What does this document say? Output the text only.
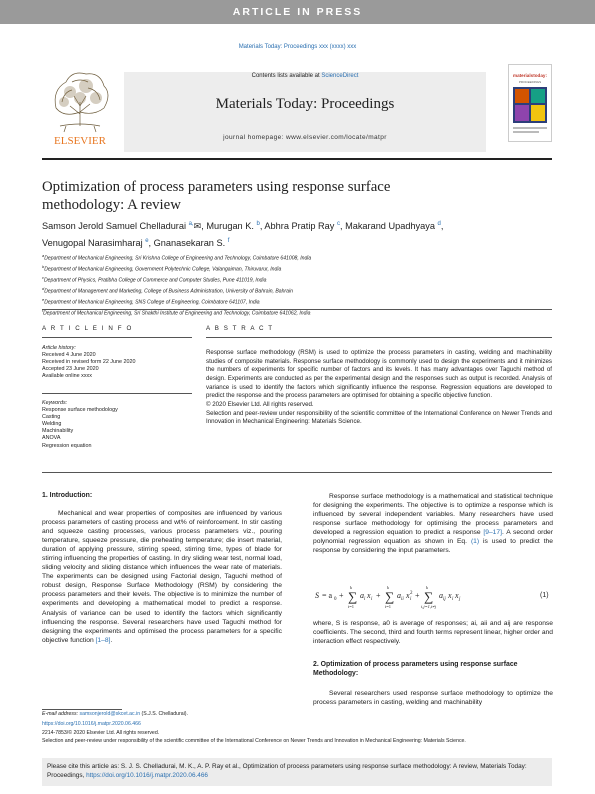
ARTICLE IN PRESS
Materials Today: Proceedings xxx (xxxx) xxx
ELSEVIER
Contents lists available at ScienceDirect
Materials Today: Proceedings
journal homepage: www.elsevier.com/locate/matpr
materialstoday:
PROCEEDINGS
Optimization of process parameters using response surface
methodology: A review
Samson Jerold Samuel Chelladurai $^{a,}$✉, Murugan K. $^b$, Abhra Pratip Ray $^c$, Makarand Upadhyaya $^d$,
Venugopal Narasimharaj $^e$, Gnanasekaran S. $^f$
$^a$Department of Mechanical Engineering, Sri Krishna College of Engineering and Technology, Coimbatore 641008, India
$^b$Department of Mechanical Engineering, Government Polytechnic College, Valangaiman, Thiruvarur, India
$^c$Department of Physics, Pratibha College of Commerce and Computer Studies, Pune 411019, India
$^d$Department of Management and Marketing, College of Business Administration, University of Bahrain, Bahrain
$^e$Department of Mechanical Engineering, SNS College of Engineering, Coimbatore 641107, India
$^f$Department of Mechanical Engineering, Sri Shakthi Institute of Engineering and Technology, Coimbatore 641062, India
A R T I C L E I N F O	A B S T R A C T
Article history:
Received 4 June 2020
Received in revised form 22 June 2020
Accepted 23 June 2020
Available online xxxx
Keywords:
Response surface methodology
Casting
Welding
Machinability
ANOVA
Regression equation
Response surface methodology (RSM) is used to optimize the process parameters in casting, welding and machinability studies of composite materials. Response surface methodology is commonly used to design the experiments and it minimizes the numbers of experiments for specific number of factors and its levels. It has many advantages over Taguchi method of design. Experiments are conducted as per the experimental design and the responses such as output is recorded. Analysis of variance is used to identify the factors which significantly influence the response. Regression equations are developed to predict the response and the process parameters are optimised for obtaining a specific objective function.
© 2020 Elsevier Ltd. All rights reserved.
Selection and peer-review under responsibility of the scientific committee of the International Conference on Newer Trends and Innovation in Mechanical Engineering: Materials Science.
1. Introduction:
Mechanical and wear properties of composites are influenced by various process parameters of casting process and wt% of reinforcement. In stir casting and squeeze casting processes, various process parameters viz., pouring temperature, squeeze pressure, die preheating temperature; die insert material, duration of applying pressure, stirring speed, stirring time, types of blade for stirring influencing the properties of casting. In dry sliding wear test, normal load, sliding velocity and sliding distance which influences the wear rate of materials. The experiments can be designed using Factorial design, Taguchi method of robust design, Response Surface Methodology (RSM) by considering the process parameters and their levels. The objective is to minimize the number of experiments and developing a mathematical model to predict a response. Analysis of variance can be used to identify the factors which significantly influencing the response. Several researchers have used Taguchi method for designing the experiments and optimised the process parameters for a specific objective function [1–8].
Response surface methodology is a mathematical and statistical technique for designing the experiments. The objective is to optimize a response which is influenced by several independent variables. Many researchers have used response surface methodology for optimising the process parameters and developed a regression equation to predict a response [9–17]. A second order polynomial regression equation as shown in Eq. (1) is used to predict the response by considering the input parameters.
S = a 0 + ∑
k
i=1
a i x i + ∑
k
i=1
a ii x 2
i + ∑
k
i,j=1,i≠j
a ij x i x j
(1)
where, S is response, a0 is average of responses; ai, aii and aij are response coefficients. The second, third and fourth terms represent linear, higher order and interaction effect respectively.
2. Optimization of process parameters using response surface Methodology:
Several researchers used response surface methodology to optimize the process parameters in casting, welding and machinability
E-mail address: samsonjerold@skcet.ac.in (S.J.S. Chelladurai).
https://doi.org/10.1016/j.matpr.2020.06.466
2214-7853/© 2020 Elsevier Ltd. All rights reserved.
Selection and peer-review under responsibility of the scientific committee of the International Conference on Newer Trends and Innovation in Mechanical Engineering: Materials Science.
Please cite this article as: S. J. S. Chelladurai, M. K., A. P. Ray et al., Optimization of process parameters using response surface methodology: A review, Materials Today: Proceedings, https://doi.org/10.1016/j.matpr.2020.06.466
